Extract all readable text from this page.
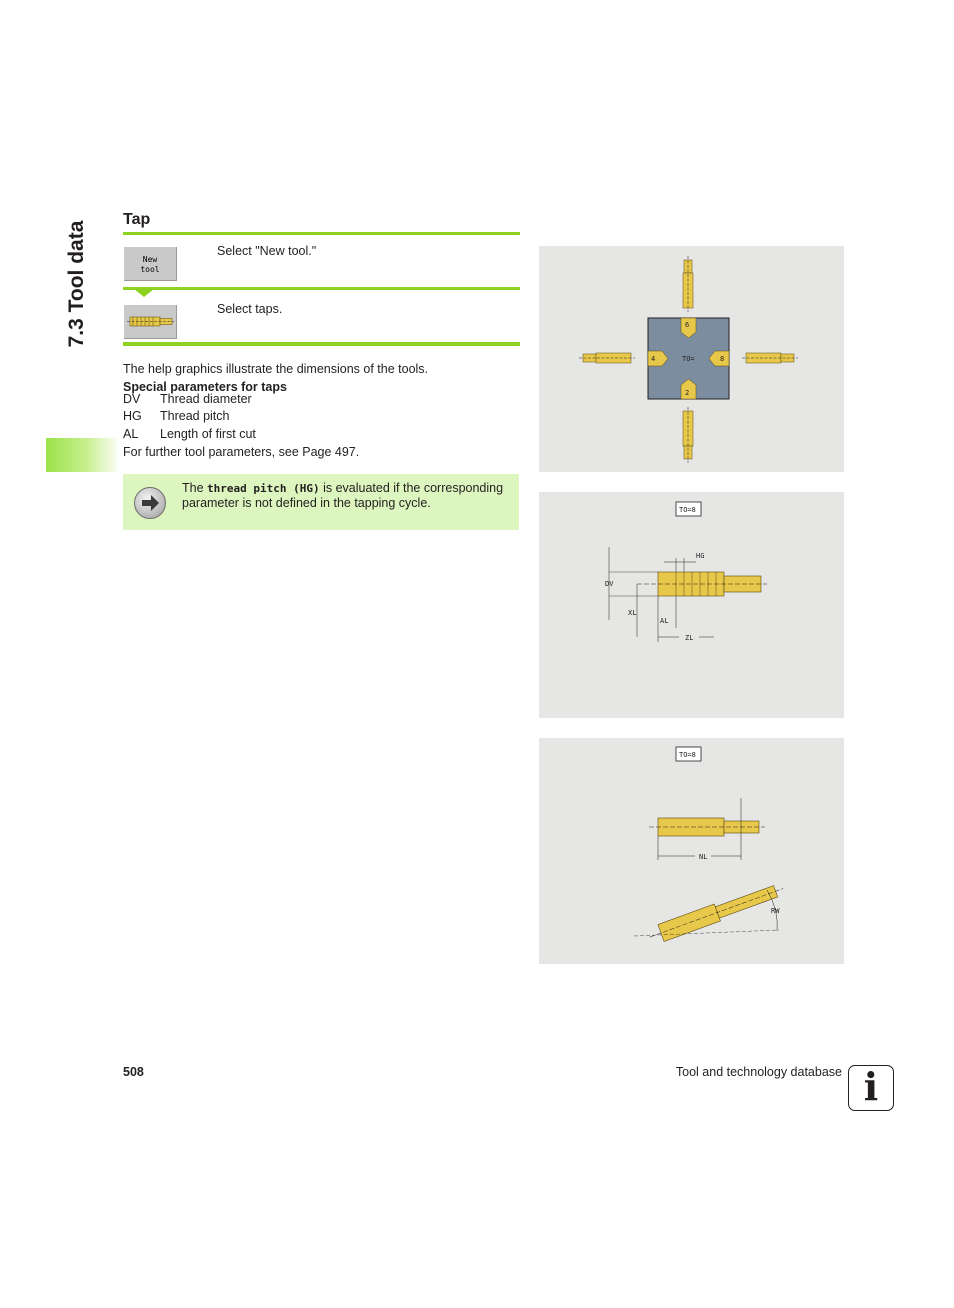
7.3 Tool data
Tap
New
tool
Select "New tool."
Select taps.
The help graphics illustrate the dimensions of the tools.
Special parameters for taps
DV Thread diameter
HG Thread pitch
AL Length of first cut
For further tool parameters, see Page 497.
The thread pitch (HG) is evaluated if the corresponding parameter is not defined in the tapping cycle.
6
2
4	8
TO=
TO=8
DV
XL
AL
ZL
HG
TO=8
NL
RW
508	Tool and technology database i
